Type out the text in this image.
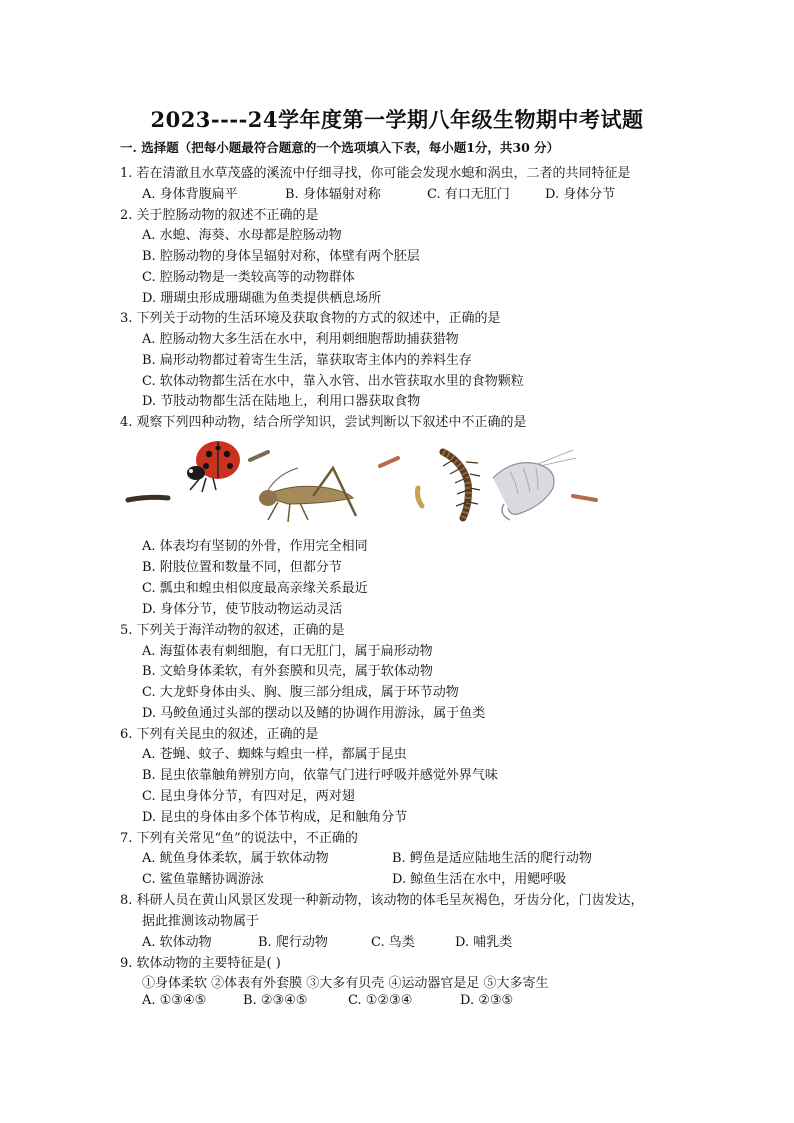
2023----24学年度第一学期八年级生物期中考试题
一. 选择题（把每小题最符合题意的一个选项填入下表，每小题1分，共30 分）
1. 若在清澈且水草茂盛的溪流中仔细寻找，你可能会发现水螅和涡虫，二者的共同特征是
A. 身体背腹扁平	B. 身体辐射对称	C. 有口无肛门	D. 身体分节
2. 关于腔肠动物的叙述不正确的是
A. 水螅、海葵、水母都是腔肠动物
B. 腔肠动物的身体呈辐射对称，体壁有两个胚层
C. 腔肠动物是一类较高等的动物群体
D. 珊瑚虫形成珊瑚礁为鱼类提供栖息场所
3. 下列关于动物的生活环境及获取食物的方式的叙述中，正确的是
A. 腔肠动物大多生活在水中，利用刺细胞帮助捕获猎物
B. 扁形动物都过着寄生生活，靠获取寄主体内的养料生存
C. 软体动物都生活在水中，靠入水管、出水管获取水里的食物颗粒
D. 节肢动物都生活在陆地上，利用口器获取食物
4. 观察下列四种动物，结合所学知识，尝试判断以下叙述中不正确的是
A. 体表均有坚韧的外骨，作用完全相同
B. 附肢位置和数量不同，但都分节
C. 瓢虫和蝗虫相似度最高亲缘关系最近
D. 身体分节，使节肢动物运动灵活
5. 下列关于海洋动物的叙述，正确的是
A. 海蜇体表有刺细胞，有口无肛门，属于扁形动物
B. 文蛤身体柔软，有外套膜和贝壳，属于软体动物
C. 大龙虾身体由头、胸、腹三部分组成，属于环节动物
D. 马鲛鱼通过头部的摆动以及鳍的协调作用游泳，属于鱼类
6. 下列有关昆虫的叙述，正确的是
A. 苍蝇、蚊子、蜘蛛与蝗虫一样，都属于昆虫
B. 昆虫依靠触角辨别方向，依靠气门进行呼吸并感觉外界气味
C. 昆虫身体分节，有四对足，两对翅
D. 昆虫的身体由多个体节构成，足和触角分节
7. 下列有关常见“鱼”的说法中，不正确的
A. 鱿鱼身体柔软，属于软体动物	B. 鳄鱼是适应陆地生活的爬行动物
C. 鲨鱼靠鳍协调游泳	D. 鲸鱼生活在水中，用鳃呼吸
8. 科研人员在黄山风景区发现一种新动物，该动物的体毛呈灰褐色，牙齿分化，门齿发达，
据此推测该动物属于
A. 软体动物	B. 爬行动物	C. 鸟类	D. 哺乳类
9. 软体动物的主要特征是( )
①身体柔软 ②体表有外套膜 ③大多有贝壳 ④运动器官是足 ⑤大多寄生
A. ①③④⑤	B. ②③④⑤	C. ①②③④	D. ②③⑤
